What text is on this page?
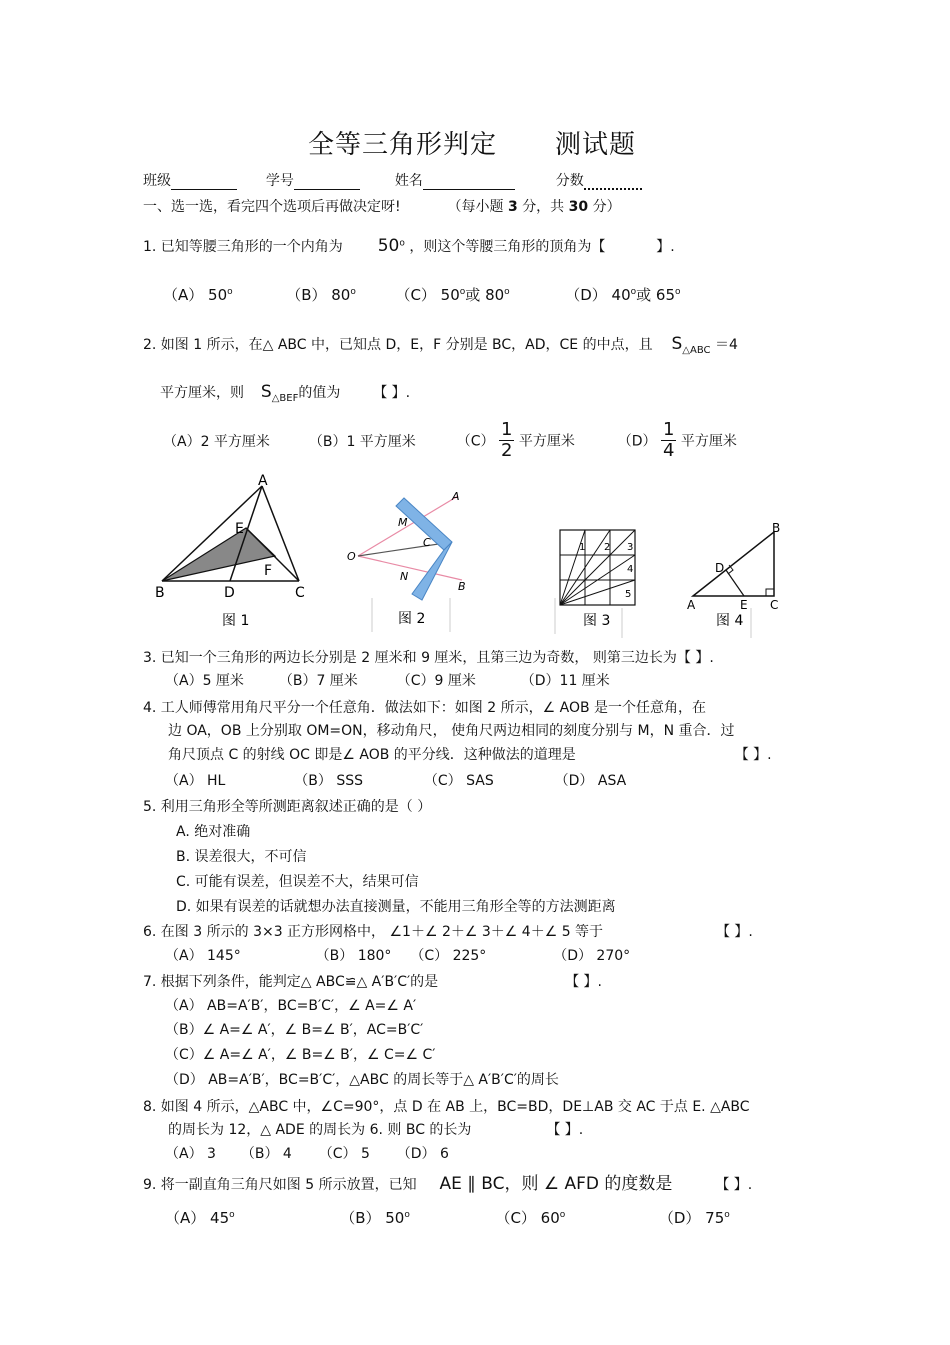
全等三角形判定 测试题
班级	学号	姓名	分数
一、选一选，看完四个选项后再做决定呀!	（每小题 3 分，共 30 分）
1. 已知等腰三角形的一个内角为 50$^o$ ，则这个等腰三角形的顶角为【	】.
（A） 50$^o$	（B） 80$^o$	（C） 50$^o$或 80$^o$	（D） 40$^o$或 65$^o$
2. 如图 1 所示，在△ ABC 中，已知点 D，E，F 分别是 BC，AD，CE 的中点，且 $S_{\triangle ABC} =4$
平方厘米，则 $S_{\triangle BEF}$的值为 【 】.
（A）2 平方厘米	（B）1 平方厘米	$(C) \frac{1}{2}$ 平方厘米	$(D) \frac{1}{4}$ 平方厘米
A
B	C
D
E
F
图 1
A
B
O
M
N
C
图 2
1 2 3
4
5
图 3
B
A	E C
D
图 4
3. 已知一个三角形的两边长分别是 2 厘米和 9 厘米，且第三边为奇数， 则第三边长为【 】.
（A）5 厘米 （B）7 厘米	（C）9 厘米	（D）11 厘米
4. 工人师傅常用角尺平分一个任意角．做法如下：如图 2 所示，∠ AOB 是一个任意角，在
边 OA，OB 上分别取 OM=ON，移动角尺， 使角尺两边相同的刻度分别与 M，N 重合．过
角尺顶点 C 的射线 OC 即是∠ AOB 的平分线．这种做法的道理是	【 】.
（A） HL	（B） SSS	（C） SAS	（D） ASA
5. 利用三角形全等所测距离叙述正确的是（ ）
A. 绝对准确
B. 误差很大，不可信
C. 可能有误差，但误差不大，结果可信
D. 如果有误差的话就想办法直接测量，不能用三角形全等的方法测距离
6. 在图 3 所示的 3×3 正方形网格中， ∠1＋∠ 2＋∠ 3＋∠ 4＋∠ 5 等于	【 】.
（A） 145°	（B） 180° （C） 225°	（D） 270°
7. 根据下列条件，能判定△ ABC≌△ A′B′C′的是	【 】.
（A） AB=A′B′，BC=B′C′，∠ A=∠ A′
（B）∠ A=∠ A′，∠ B=∠ B′，AC=B′C′
（C）∠ A=∠ A′，∠ B=∠ B′，∠ C=∠ C′
（D） AB=A′B′，BC=B′C′，△ABC 的周长等于△ A′B′C′的周长
8. 如图 4 所示，△ABC 中，∠C=90°，点 D 在 AB 上，BC=BD，DE⊥AB 交 AC 于点 E. △ABC
的周长为 12，△ ADE 的周长为 6. 则 BC 的长为	【 】.
（A） 3 （B） 4 （C） 5 （D） 6
9. 将一副直角三角尺如图 5 所示放置，已知 AE ∥ BC，则 ∠ AFD 的度数是	【 】.
（A） 45$^o$	（B） 50$^o$	（C） 60$^o$	（D） 75$^o$
